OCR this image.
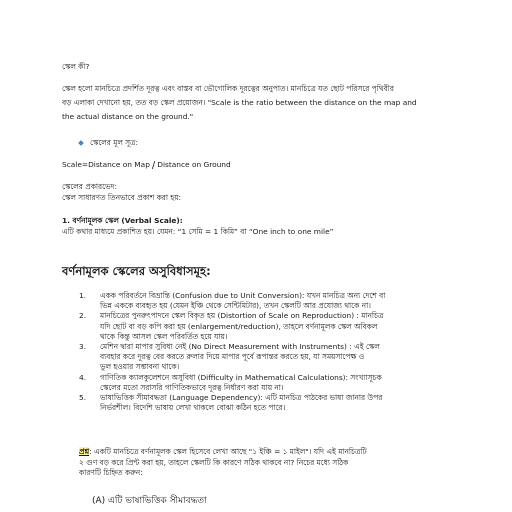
স্কেল কী?

স্কেল হলো মানচিত্রে প্রদর্শিত দূরত্ব এবং বাস্তব বা ভৌগোলিক দূরত্বের অনুপাত। মানচিত্রে যত ছোট পরিসরে পৃথিবীর

বড় এলাকা দেখানো হয়, তত বড় স্কেল প্রয়োজন। "Scale is the ratio between the distance on the map and

the actual distance on the ground."

স্কেলের মূল সূত্র:

Scale=Distance on Map / Distance on Ground

স্কেলের প্রকারভেদ:

স্কেল সাধারণত তিনভাবে প্রকাশ করা হয়:

1. বর্ণনামূলক স্কেল (Verbal Scale):

এটি কথার মাধ্যমে প্রকাশিত হয়। যেমন: “1 সেমি = 1 কিমি” বা “One inch to one mile”

বর্ণনামূলক স্কেলের অসুবিধাসমূহ:

1. একক পরিবর্তনে বিভ্রান্তি (Confusion due to Unit Conversion): যখন মানচিত্র অন্য দেশে বা
ভিন্ন এককে ব্যবহৃত হয় (যেমন ইঞ্চি থেকে সেন্টিমিটার), তখন স্কেলটি আর প্রযোজ্য থাকে না।
2. মানচিত্রের পুনরুৎপাদনে স্কেল বিকৃত হয় (Distortion of Scale on Reproduction) : মানচিত্র
যদি ছোট বা বড় কপি করা হয় (enlargement/reduction), তাহলে বর্ণনামূলক স্কেল অবিকল
থাকে কিন্তু আসল স্কেল পরিবর্তিত হয়ে যায়।
3. মেশিন দ্বারা মাপার সুবিধা নেই (No Direct Measurement with Instruments) : এই স্কেল
ব্যবহার করে দূরত্ব বের করতে রুলার দিয়ে মাপার পূর্বে রূপান্তর করতে হয়, যা সময়সাপেক্ষ ও
ভুল হওয়ার সম্ভাবনা থাকে।
4. গাণিতিক ক্যালকুলেশনে অসুবিধা (Difficulty in Mathematical Calculations): সংখ্যাসূচক
স্কেলের মতো সরাসরি গাণিতিকভাবে দূরত্ব নির্ধারণ করা যায় না।
5. ভাষাভিত্তিক সীমাবদ্ধতা (Language Dependency): এটি মানচিত্র পাঠকের ভাষা জানার উপর
নির্ভরশীল। বিদেশি ভাষায় লেখা থাকলে বোঝা কঠিন হতে পারে।
প্রশ্ন: একটি মানচিত্রে বর্ণনামূলক স্কেল হিসেবে লেখা আছে "১ ইঞ্চি = ১ মাইল"। যদি এই মানচিত্রটি
২ গুণ বড় করে প্রিন্ট করা হয়, তাহলে স্কেলটি কি কারণে সঠিক থাকবে না? নিচের মধ্যে সঠিক
কারণটি চিহ্নিত করুন:

(A) এটি ভাষাভিত্তিক সীমাবদ্ধতা
